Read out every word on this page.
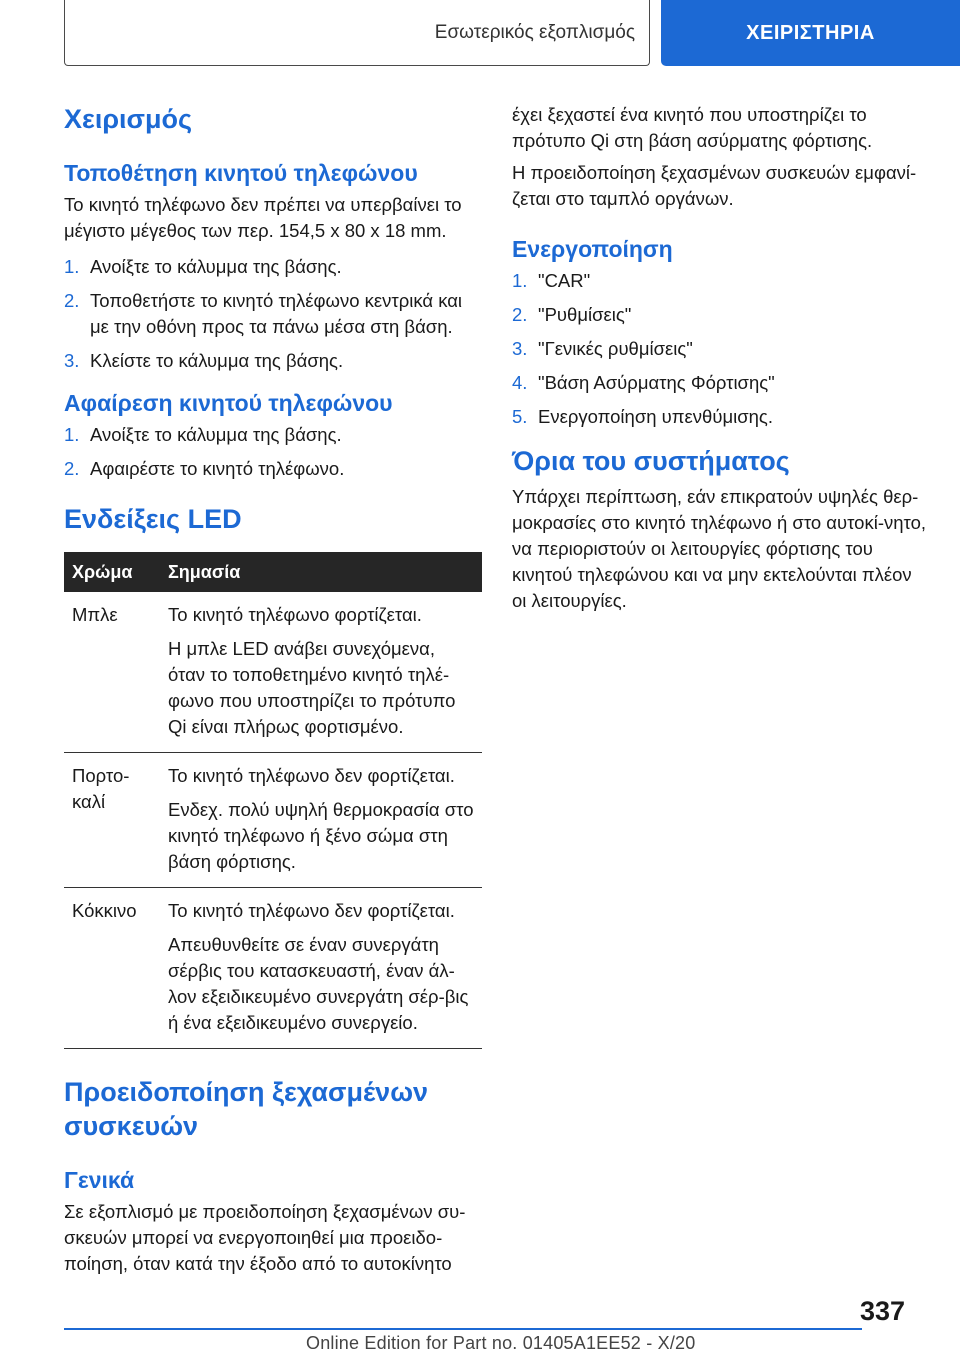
Εσωτερικός εξοπλισμός	ΧΕΙΡΙΣΤΗΡΙΑ
Χειρισμός
Τοποθέτηση κινητού τηλεφώνου

Το κινητό τηλέφωνο δεν πρέπει να υπερβαίνει το μέγιστο μέγεθος των περ. 154,5 x 80 x 18 mm.

1. Ανοίξτε το κάλυμμα της βάσης.
2. Τοποθετήστε το κινητό τηλέφωνο κεντρικά και με την οθόνη προς τα πάνω μέσα στη βάση.
3. Κλείστε το κάλυμμα της βάσης.
Αφαίρεση κινητού τηλεφώνου
1. Ανοίξτε το κάλυμμα της βάσης.
2. Αφαιρέστε το κινητό τηλέφωνο.
Ενδείξεις LED
Χρώμα	Σημασία
Μπλε	Το κινητό τηλέφωνο φορτίζεται.
Η μπλε LED ανάβει συνεχόμενα, όταν το τοποθετημένο κινητό τηλέ-φωνο που υποστηρίζει το πρότυπο Qi είναι πλήρως φορτισμένο.
Πορτο-καλί	Το κινητό τηλέφωνο δεν φορτίζεται.
Ενδεχ. πολύ υψηλή θερμοκρασία στο κινητό τηλέφωνο ή ξένο σώμα στη βάση φόρτισης.
Κόκκινο	Το κινητό τηλέφωνο δεν φορτίζεται.
Απευθυνθείτε σε έναν συνεργάτη σέρβις του κατασκευαστή, έναν άλ-λον εξειδικευμένο συνεργάτη σέρ-βις ή ένα εξειδικευμένο συνεργείο.
Προειδοποίηση ξεχασμένων
συσκευών
Γενικά

Σε εξοπλισμό με προειδοποίηση ξεχασμένων συ-σκευών μπορεί να ενεργοποιηθεί μια προειδο-ποίηση, όταν κατά την έξοδο από το αυτοκίνητο

έχει ξεχαστεί ένα κινητό που υποστηρίζει το πρότυπο Qi στη βάση ασύρματης φόρτισης.

Η προειδοποίηση ξεχασμένων συσκευών εμφανί-ζεται στο ταμπλό οργάνων.

Ενεργοποίηση
1. "CAR"
2. "Ρυθμίσεις"
3. "Γενικές ρυθμίσεις"
4. "Βάση Ασύρματης Φόρτισης"
5. Ενεργοποίηση υπενθύμισης.
Όρια του συστήματος

Υπάρχει περίπτωση, εάν επικρατούν υψηλές θερ-μοκρασίες στο κινητό τηλέφωνο ή στο αυτοκί-νητο, να περιοριστούν οι λειτουργίες φόρτισης του κινητού τηλεφώνου και να μην εκτελούνται πλέον οι λειτουργίες.

337
Online Edition for Part no. 01405A1EE52 - X/20
